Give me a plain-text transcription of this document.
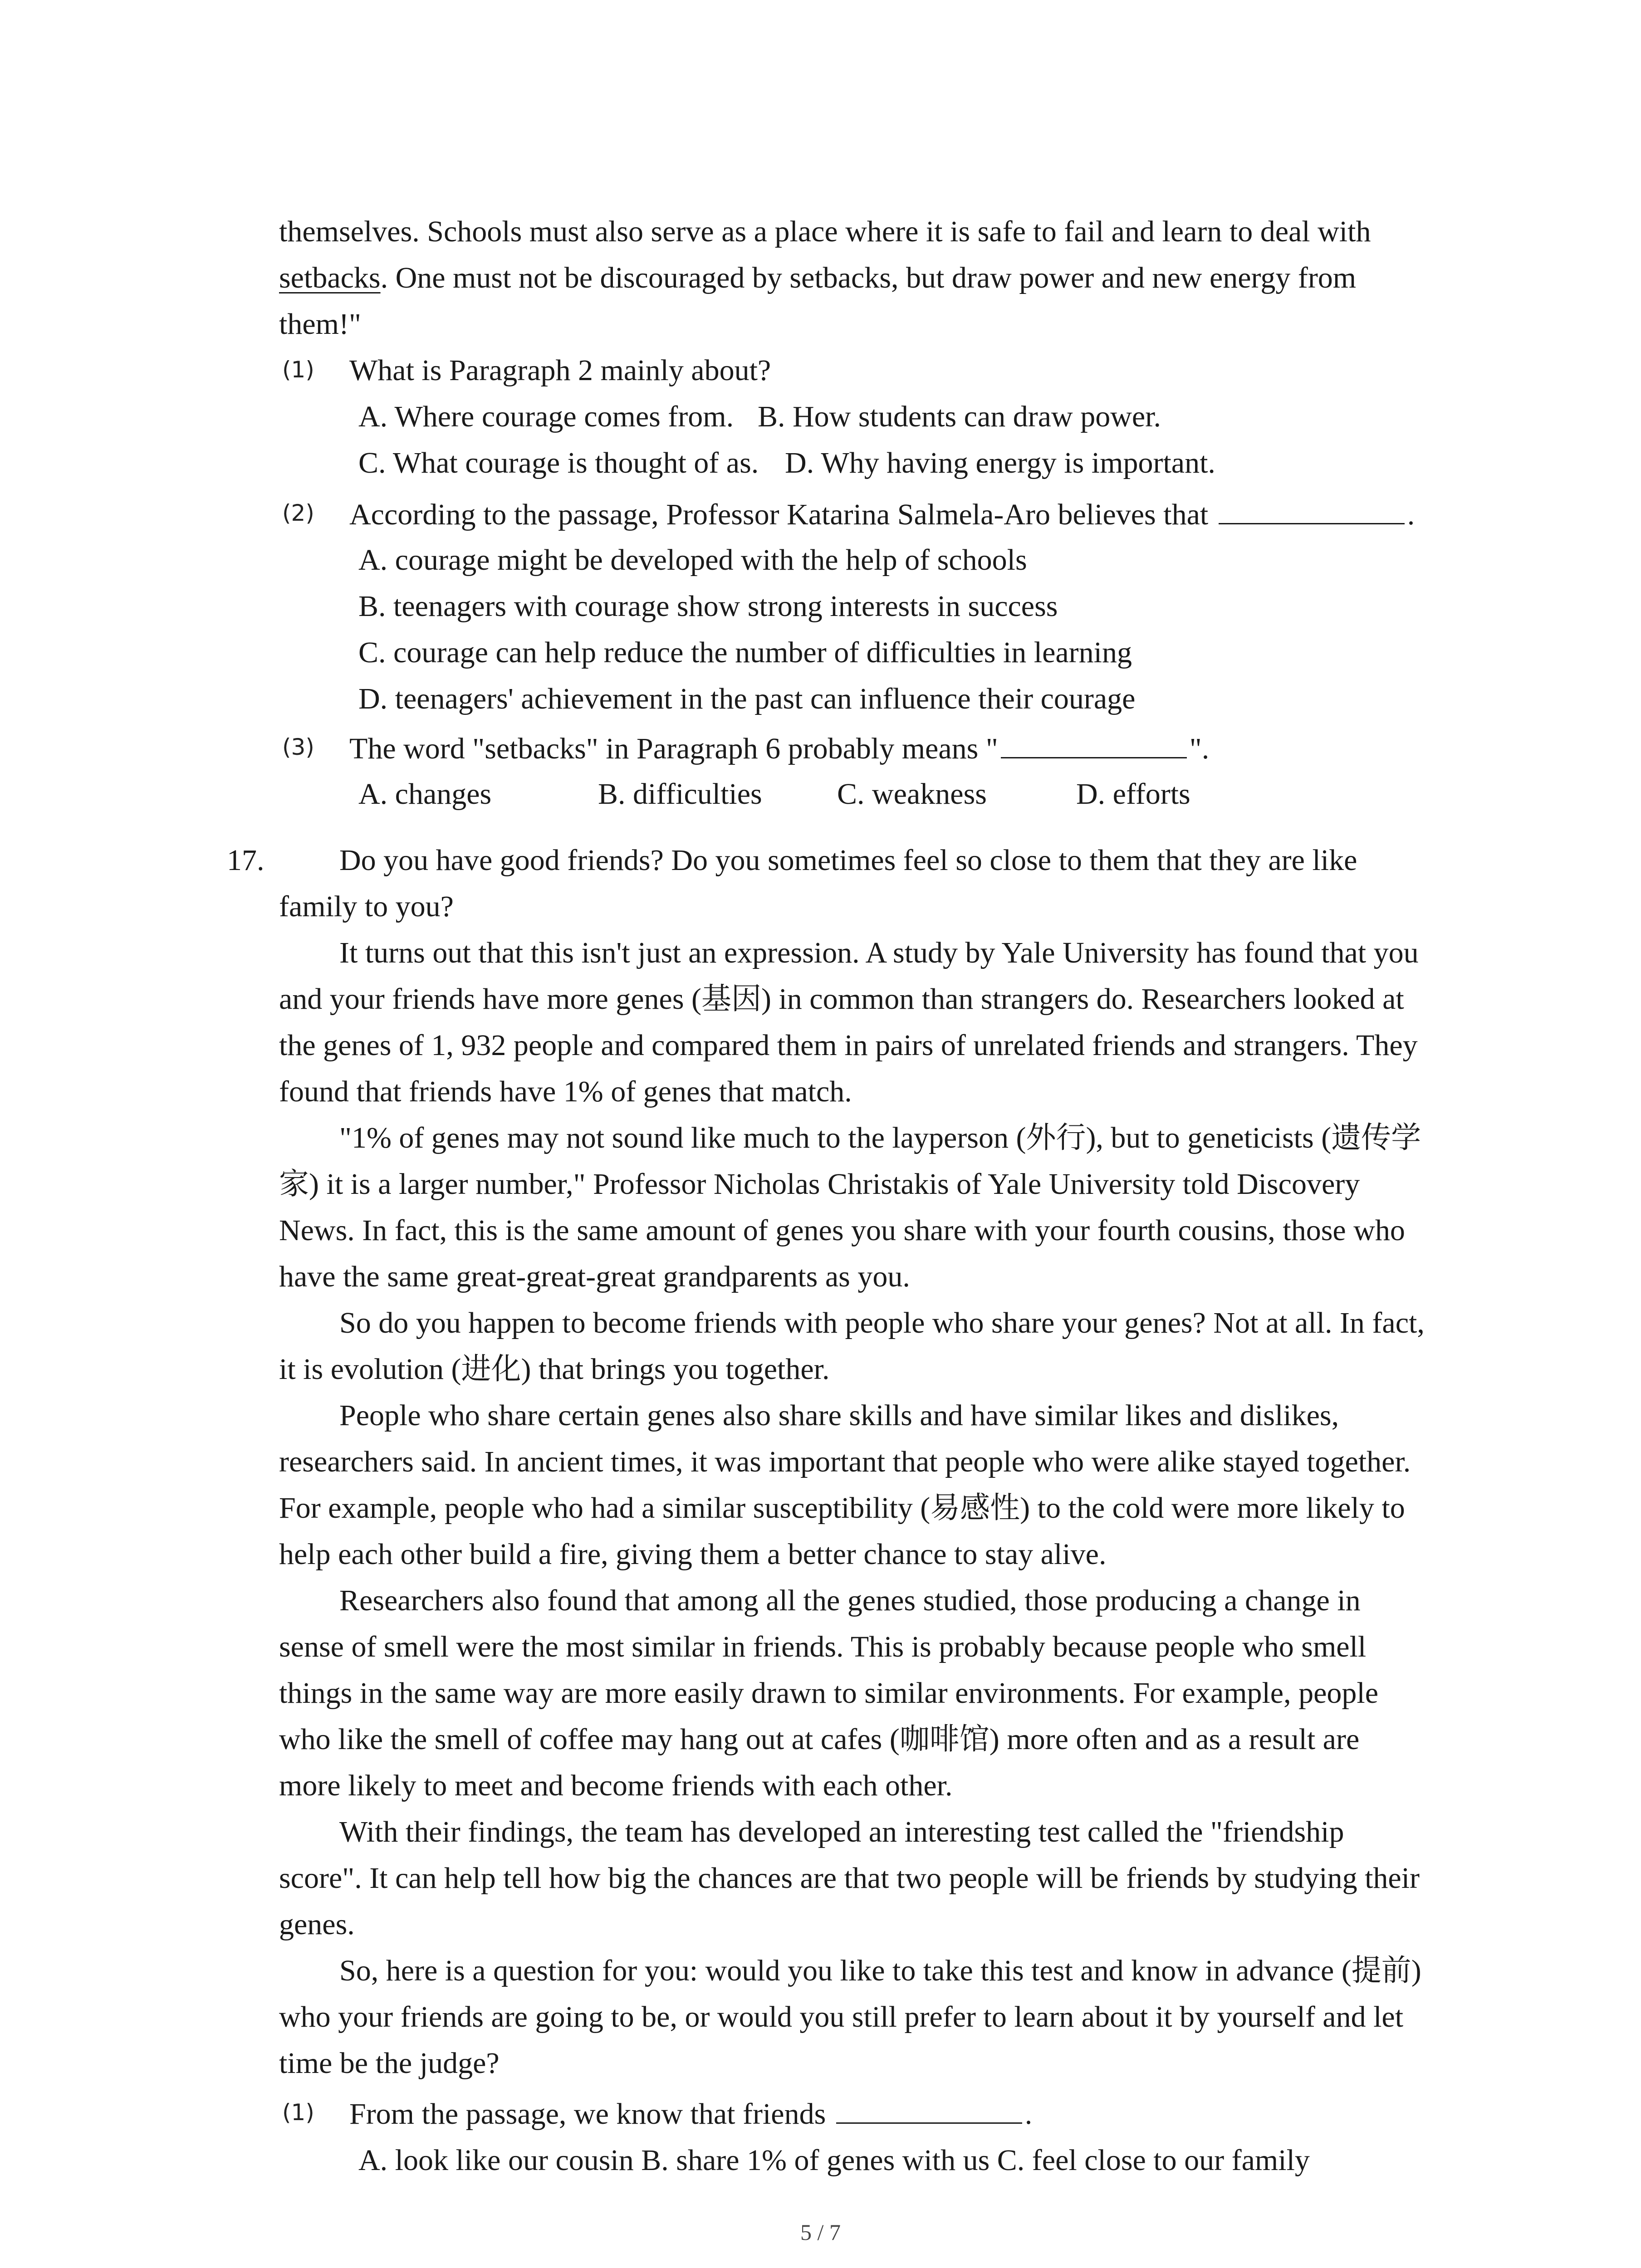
themselves. Schools must also serve as a place where it is safe to fail and learn to deal with
setbacks. One must not be discouraged by setbacks, but draw power and new energy from
them!"
(1) What is Paragraph 2 mainly about?
A. Where courage comes from. B. How students can draw power.
C. What courage is thought of as. D. Why having energy is important.
(2) According to the passage, Professor Katarina Salmela-Aro believes that	.
A. courage might be developed with the help of schools
B. teenagers with courage show strong interests in success
C. courage can help reduce the number of difficulties in learning
D. teenagers' achievement in the past can influence their courage
(3) The word "setbacks" in Paragraph 6 probably means "	".
A. changes	B. difficulties	C. weakness	D. efforts
17.	Do you have good friends? Do you sometimes feel so close to them that they are like
family to you?
It turns out that this isn't just an expression. A study by Yale University has found that you
and your friends have more genes (基因) in common than strangers do. Researchers looked at
the genes of 1, 932 people and compared them in pairs of unrelated friends and strangers. They
found that friends have 1% of genes that match.
"1% of genes may not sound like much to the layperson (外行), but to geneticists (遗传学
家) it is a larger number," Professor Nicholas Christakis of Yale University told Discovery
News. In fact, this is the same amount of genes you share with your fourth cousins, those who
have the same great-great-great grandparents as you.
So do you happen to become friends with people who share your genes? Not at all. In fact,
it is evolution (进化) that brings you together.
People who share certain genes also share skills and have similar likes and dislikes,
researchers said. In ancient times, it was important that people who were alike stayed together.
For example, people who had a similar susceptibility (易感性) to the cold were more likely to
help each other build a fire, giving them a better chance to stay alive.
Researchers also found that among all the genes studied, those producing a change in
sense of smell were the most similar in friends. This is probably because people who smell
things in the same way are more easily drawn to similar environments. For example, people
who like the smell of coffee may hang out at cafes (咖啡馆) more often and as a result are
more likely to meet and become friends with each other.
With their findings, the team has developed an interesting test called the "friendship
score". It can help tell how big the chances are that two people will be friends by studying their
genes.
So, here is a question for you: would you like to take this test and know in advance (提前)
who your friends are going to be, or would you still prefer to learn about it by yourself and let
time be the judge?
(1) From the passage, we know that friends	.
A. look like our cousin B. share 1% of genes with us C. feel close to our family
5 / 7
